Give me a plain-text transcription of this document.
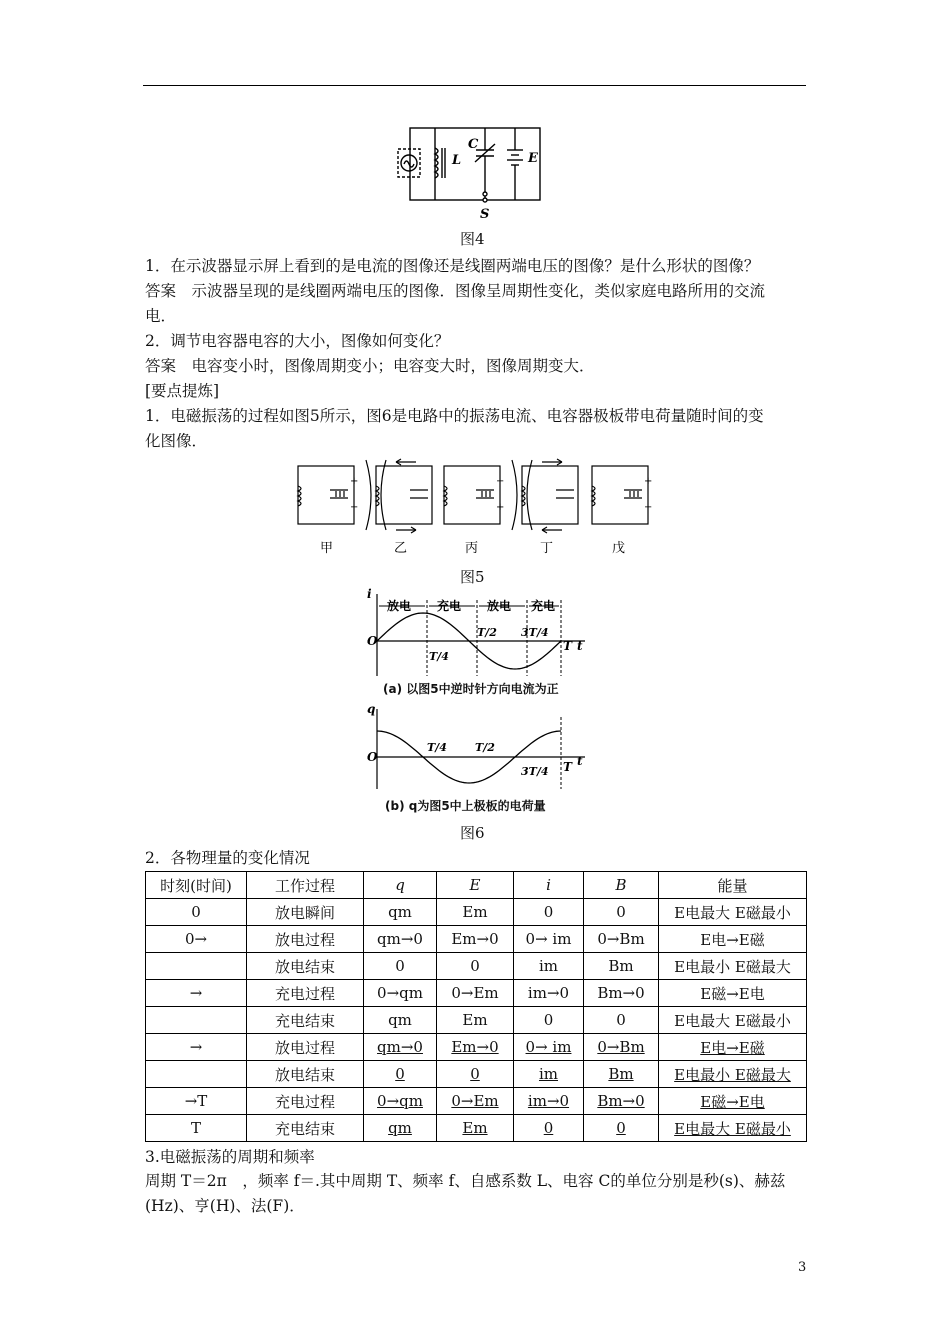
L
C
E
S
图4
1．在示波器显示屏上看到的是电流的图像还是线圈两端电压的图像？是什么形状的图像？
答案　示波器呈现的是线圈两端电压的图像．图像呈周期性变化，类似家庭电路所用的交流
电．
2．调节电容器电容的大小，图像如何变化？
答案　电容变小时，图像周期变小；电容变大时，图像周期变大．
[要点提炼]
1．电磁振荡的过程如图5所示，图6是电路中的振荡电流、电容器极板带电荷量随时间的变
化图像．
+
−
−
+
+
−
甲	乙	丙	丁	戊
图5
i
O	t
放电 充电 放电 充电
T/4
T/2 3T/4
T
(a) 以图5中逆时针方向电流为正
q
O	t
T/4	T/2
3T/4 T
(b) q为图5中上极板的电荷量
图6
2．各物理量的变化情况
时刻(时间)	工作过程	q	E	i	B	能量
0	放电瞬间	qm	Em	0	0	E电最大 E磁最小
0→	放电过程	qm→0	Em→0	0→ im	0→Bm	E电→E磁
	放电结束	0	0	im	Bm	E电最小 E磁最大
→	充电过程	0→qm	0→Em	im→0	Bm→0	E磁→E电
	充电结束	qm	Em	0	0	E电最大 E磁最小
→	放电过程	qm→0	Em→0	0→ im	0→Bm	E电→E磁
	放电结束	0	0	im	Bm	E电最小 E磁最大
→T	充电过程	0→qm	0→Em	im→0	Bm→0	E磁→E电
T	充电结束	qm	Em	0	0	E电最大 E磁最小
3.电磁振荡的周期和频率
周期 T＝2π　，频率 f＝.其中周期 T、频率 f、自感系数 L、电容 C的单位分别是秒(s)、赫兹
(Hz)、亨(H)、法(F)．
3
